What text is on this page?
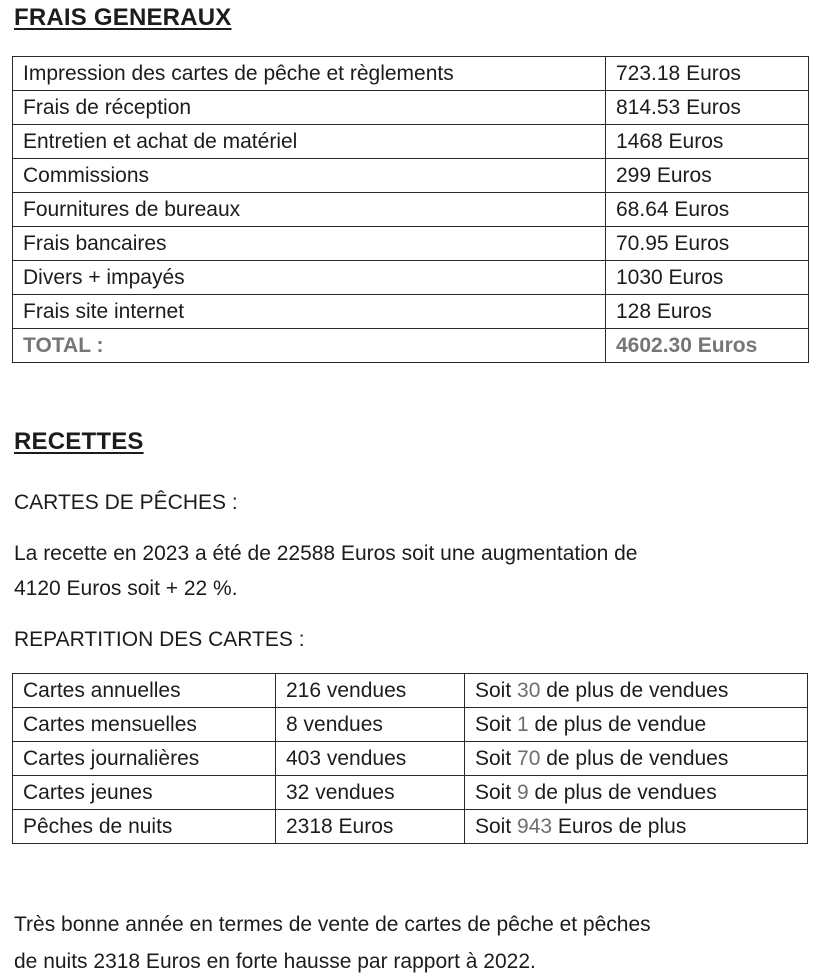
FRAIS GENERAUX
Impression des cartes de pêche et règlements	723.18 Euros
Frais de réception	814.53 Euros
Entretien et achat de matériel	1468 Euros
Commissions	299 Euros
Fournitures de bureaux	68.64 Euros
Frais bancaires	70.95 Euros
Divers + impayés	1030 Euros
Frais site internet	128 Euros
TOTAL :	4602.30 Euros
RECETTES

CARTES DE PÊCHES :

La recette en 2023 a été de 22588 Euros soit une augmentation de
4120 Euros soit + 22 %.

REPARTITION DES CARTES :

Cartes annuelles	216 vendues	Soit 30 de plus de vendues
Cartes mensuelles	8 vendues	Soit 1 de plus de vendue
Cartes journalières	403 vendues	Soit 70 de plus de vendues
Cartes jeunes	32 vendues	Soit 9 de plus de vendues
Pêches de nuits	2318 Euros	Soit 943 Euros de plus

Très bonne année en termes de vente de cartes de pêche et pêches
de nuits 2318 Euros en forte hausse par rapport à 2022.
